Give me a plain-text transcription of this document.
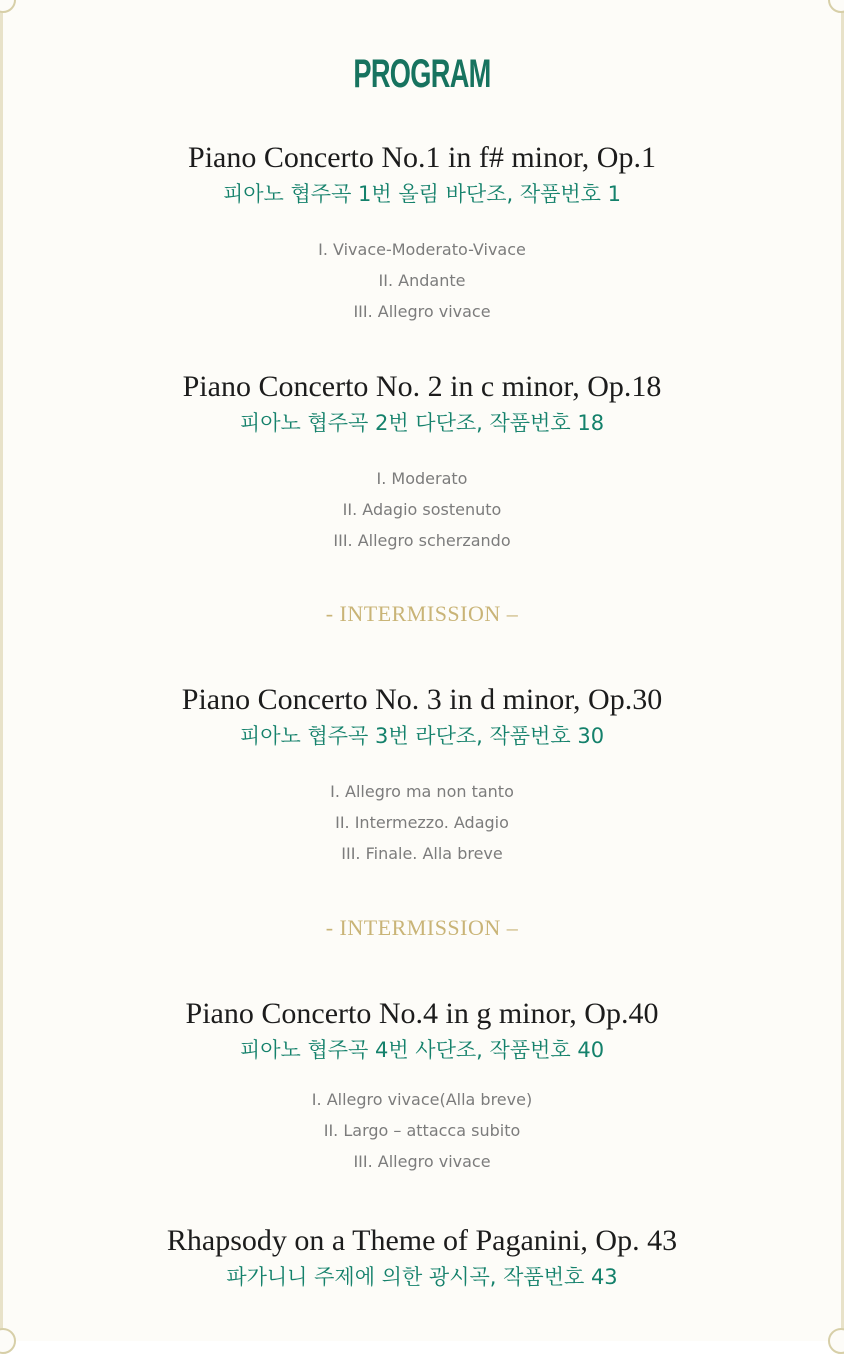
PROGRAM
Piano Concerto No.1 in f# minor, Op.1
피아노 협주곡 1번 올림 바단조, 작품번호 1
I. Vivace-Moderato-Vivace
II. Andante
III. Allegro vivace
Piano Concerto No. 2 in c minor, Op.18
피아노 협주곡 2번 다단조, 작품번호 18
I. Moderato
II. Adagio sostenuto
III. Allegro scherzando
- INTERMISSION –
Piano Concerto No. 3 in d minor, Op.30
피아노 협주곡 3번 라단조, 작품번호 30
I. Allegro ma non tanto
II. Intermezzo. Adagio
III. Finale. Alla breve
- INTERMISSION –
Piano Concerto No.4 in g minor, Op.40
피아노 협주곡 4번 사단조, 작품번호 40
I. Allegro vivace(Alla breve)
II. Largo – attacca subito
III. Allegro vivace
Rhapsody on a Theme of Paganini, Op. 43
파가니니 주제에 의한 광시곡, 작품번호 43
